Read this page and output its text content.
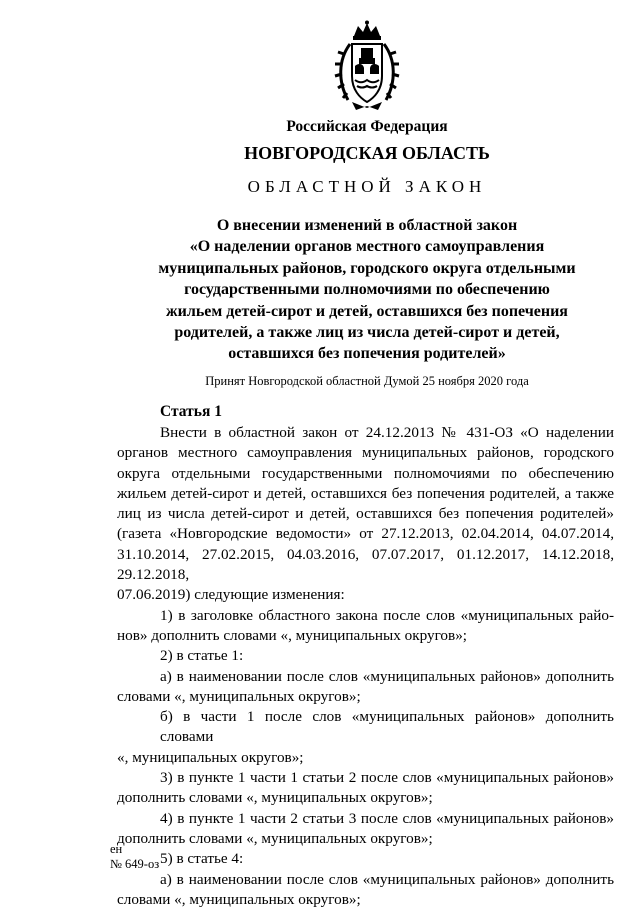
Российская Федерация
НОВГОРОДСКАЯ ОБЛАСТЬ
ОБЛАСТНОЙ ЗАКОН
О внесении изменений в областной закон
«О наделении органов местного самоуправления
муниципальных районов, городского округа отдельными
государственными полномочиями по обеспечению
жильем детей-сирот и детей, оставшихся без попечения
родителей, а также лиц из числа детей-сирот и детей,
оставшихся без попечения родителей»
Принят Новгородской областной Думой 25 ноября 2020 года
Статья 1
Внести в областной закон от 24.12.2013 № 431-ОЗ «О наделении
органов местного самоуправления муниципальных районов, городского
округа отдельными государственными полномочиями по обеспечению
жильем детей-сирот и детей, оставшихся без попечения родителей, а также
лиц из числа детей-сирот и детей, оставшихся без попечения родителей»
(газета «Новгородские ведомости» от 27.12.2013, 02.04.2014, 04.07.2014,
31.10.2014, 27.02.2015, 04.03.2016, 07.07.2017, 01.12.2017, 14.12.2018, 29.12.2018,
07.06.2019) следующие изменения:
1) в заголовке областного закона после слов «муниципальных райо-
нов» дополнить словами «, муниципальных округов»;
2) в статье 1:
а) в наименовании после слов «муниципальных районов» дополнить
словами «, муниципальных округов»;
б) в части 1 после слов «муниципальных районов» дополнить словами
«, муниципальных округов»;
3) в пункте 1 части 1 статьи 2 после слов «муниципальных районов»
дополнить словами «, муниципальных округов»;
4) в пункте 1 части 2 статьи 3 после слов «муниципальных районов»
дополнить словами «, муниципальных округов»;
5) в статье 4:
а) в наименовании после слов «муниципальных районов» дополнить
словами «, муниципальных округов»;
ен
№ 649-оз
